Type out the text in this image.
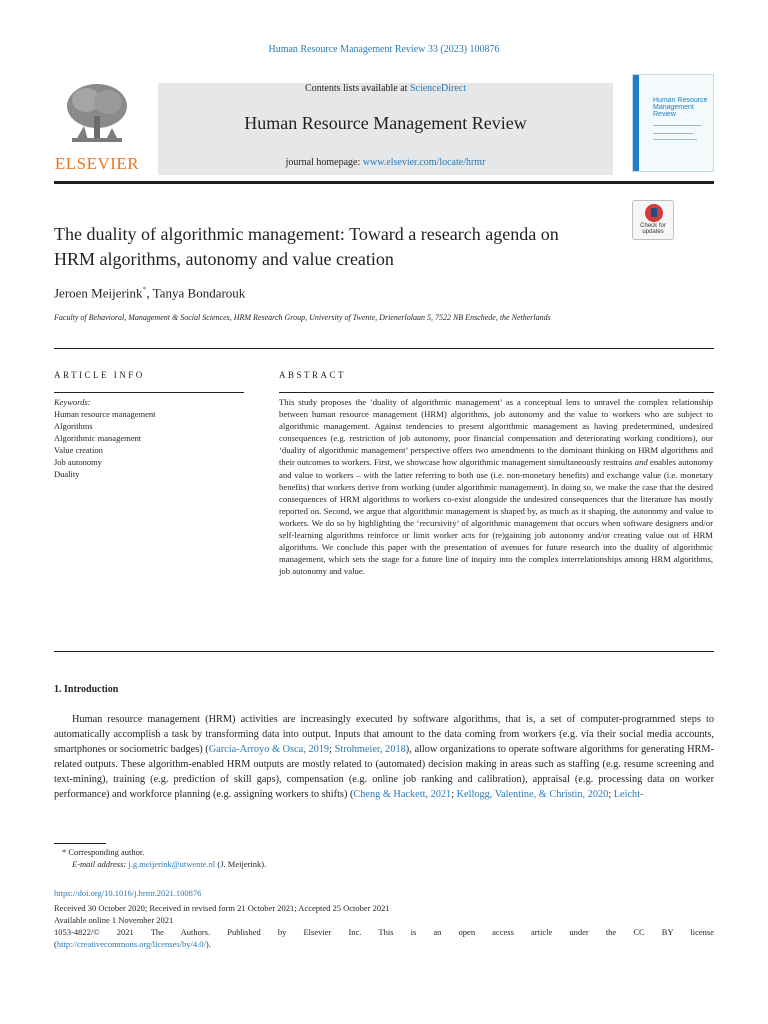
Human Resource Management Review 33 (2023) 100876
ELSEVIER
Contents lists available at ScienceDirect
Human Resource Management Review
journal homepage: www.elsevier.com/locate/hrmr
Human Resource Management Review
Check for updates
The duality of algorithmic management: Toward a research agenda on HRM algorithms, autonomy and value creation
Jeroen Meijerink*, Tanya Bondarouk
Faculty of Behavioral, Management & Social Sciences, HRM Research Group, University of Twente, Drienerlolaan 5, 7522 NB Enschede, the Netherlands
ARTICLE INFO
Keywords:
Human resource management
Algorithms
Algorithmic management
Value creation
Job autonomy
Duality
ABSTRACT
This study proposes the ‘duality of algorithmic management’ as a conceptual lens to unravel the complex relationship between human resource management (HRM) algorithms, job autonomy and the value to workers who are subject to algorithmic management. Against tendencies to present algorithmic management as having predetermined, undesired consequences (e.g. restriction of job autonomy, poor financial compensation and deteriorating working conditions), our ‘duality of algorithmic management’ perspective offers two amendments to the dominant thinking on HRM algorithms and their outcomes to workers. First, we showcase how algorithmic management simultaneously restrains and enables autonomy and value to workers – with the latter referring to both use (i.e. non-monetary benefits) and exchange value (i.e. monetary benefits) that workers derive from working (under algorithmic management). In doing so, we make the case that the desired consequences of HRM algorithms to workers co-exist alongside the undesired consequences that the literature has mostly reported on. Second, we argue that algorithmic management is shaped by, as much as it shaping, the autonomy and value to workers. We do so by highlighting the ‘recursivity’ of algorithmic management that occurs when software designers and/or self-learning algorithms reinforce or limit worker acts for (re)gaining job autonomy and/or creating value out of HRM algorithms. We conclude this paper with the presentation of avenues for future research into the duality of algorithmic management, which sets the stage for a future line of inquiry into the complex interrelationships among HRM algorithms, job autonomy and value.
1. Introduction
Human resource management (HRM) activities are increasingly executed by software algorithms, that is, a set of computer-programmed steps to automatically accomplish a task by transforming data into output. Inputs that amount to the data coming from workers (e.g. via their social media accounts, smartphones or sociometric badges) (García-Arroyo & Osca, 2019; Strohmeier, 2018), allow organizations to operate software algorithms for generating HRM-related outputs. These algorithm-enabled HRM outputs are mostly related to (automated) decision making in areas such as staffing (e.g. resume screening and text-mining), training (e.g. prediction of skill gaps), compensation (e.g. online job ranking and calibration), appraisal (e.g. processing data on worker performance) and workforce planning (e.g. assigning workers to shifts) (Cheng & Hackett, 2021; Kellogg, Valentine, & Christin, 2020; Leicht-
* Corresponding author.
E-mail address: j.g.meijerink@utwente.nl (J. Meijerink).
https://doi.org/10.1016/j.hrmr.2021.100876
Received 30 October 2020; Received in revised form 21 October 2021; Accepted 25 October 2021
Available online 1 November 2021
1053-4822/© 2021 The Authors. Published by Elsevier Inc. This is an open access article under the CC BY license
(http://creativecommons.org/licenses/by/4.0/).
